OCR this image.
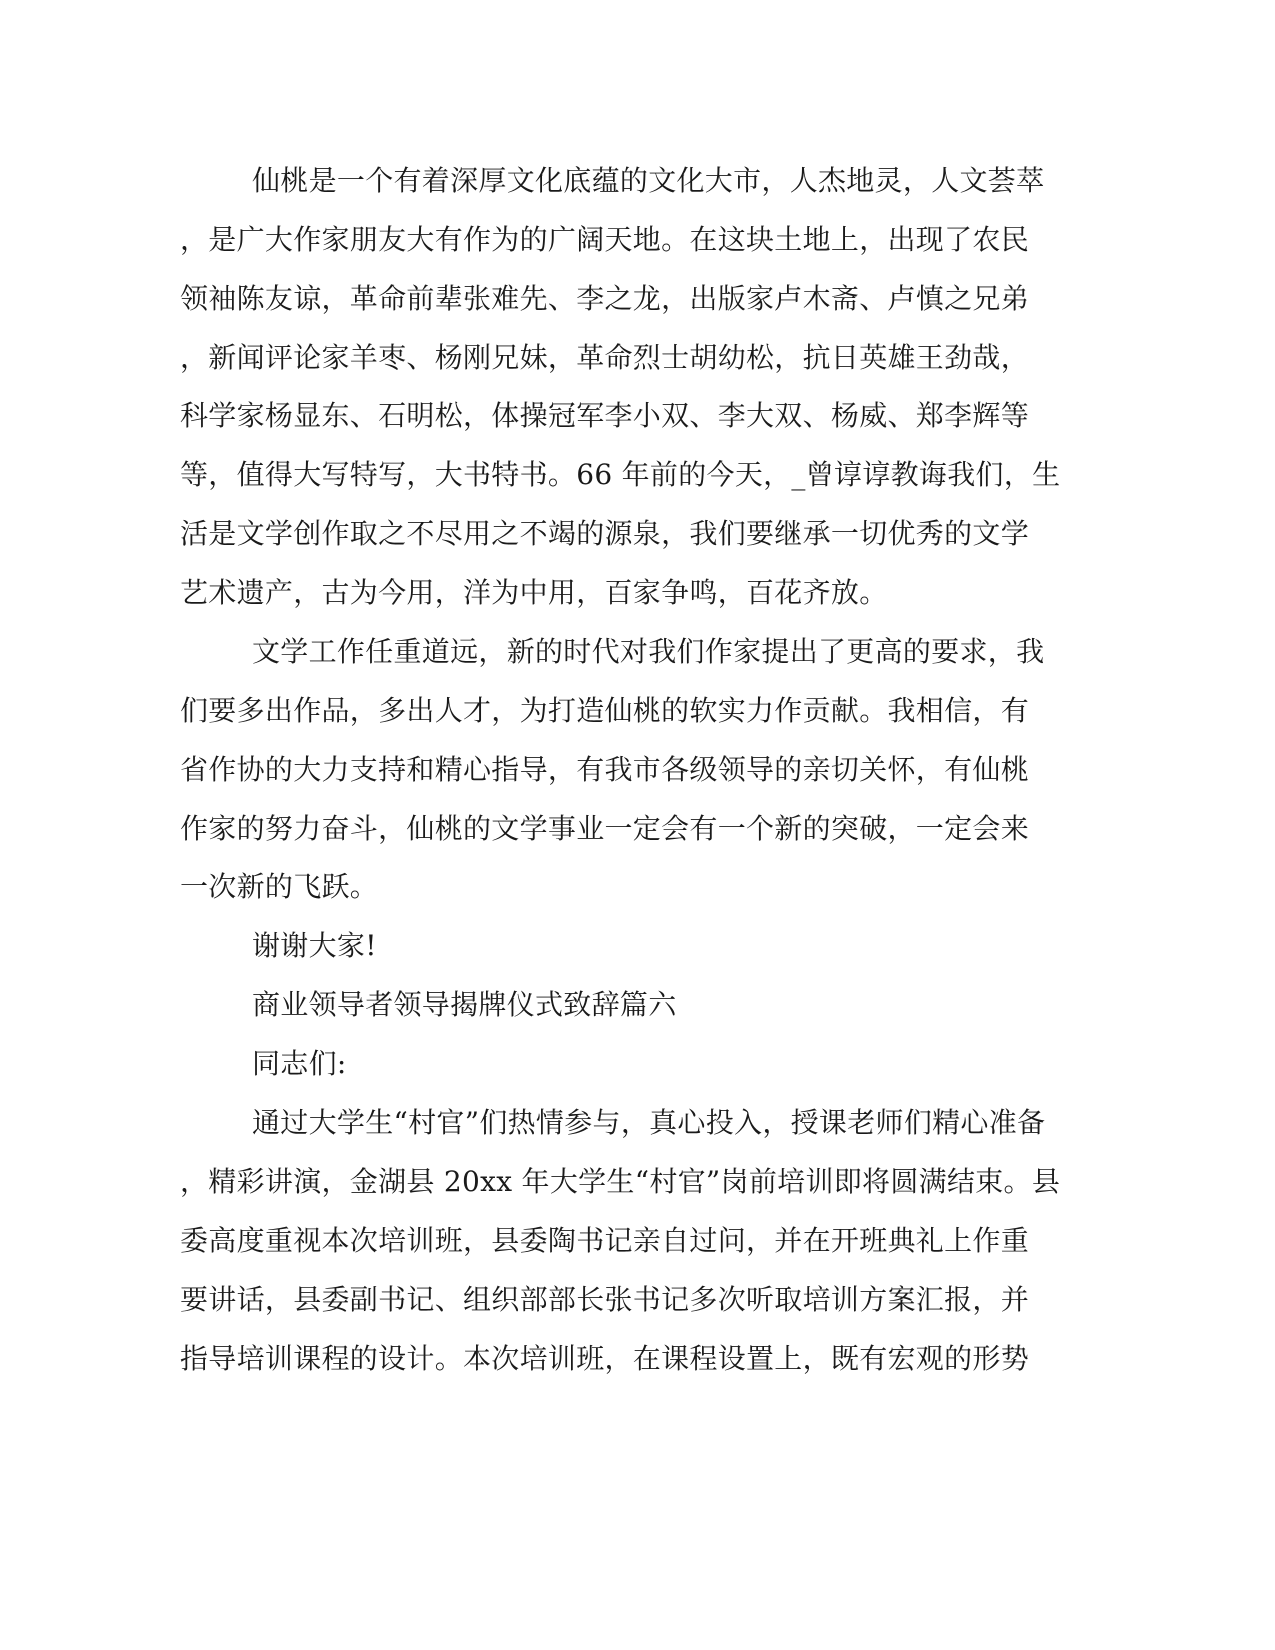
仙桃是一个有着深厚文化底蕴的文化大市，人杰地灵，人文荟萃
，是广大作家朋友大有作为的广阔天地。在这块土地上，出现了农民
领袖陈友谅，革命前辈张难先、李之龙，出版家卢木斋、卢慎之兄弟
，新闻评论家羊枣、杨刚兄妹，革命烈士胡幼松，抗日英雄王劲哉，
科学家杨显东、石明松，体操冠军李小双、李大双、杨威、郑李辉等
等，值得大写特写，大书特书。66 年前的今天，_曾谆谆教诲我们，生
活是文学创作取之不尽用之不竭的源泉，我们要继承一切优秀的文学
艺术遗产，古为今用，洋为中用，百家争鸣，百花齐放。
文学工作任重道远，新的时代对我们作家提出了更高的要求，我
们要多出作品，多出人才，为打造仙桃的软实力作贡献。我相信，有
省作协的大力支持和精心指导，有我市各级领导的亲切关怀，有仙桃
作家的努力奋斗，仙桃的文学事业一定会有一个新的突破，一定会来
一次新的飞跃。
谢谢大家!
商业领导者领导揭牌仪式致辞篇六
同志们:
通过大学生“村官”们热情参与，真心投入，授课老师们精心准备
，精彩讲演，金湖县 20xx 年大学生“村官”岗前培训即将圆满结束。县
委高度重视本次培训班，县委陶书记亲自过问，并在开班典礼上作重
要讲话，县委副书记、组织部部长张书记多次听取培训方案汇报，并
指导培训课程的设计。本次培训班，在课程设置上，既有宏观的形势
